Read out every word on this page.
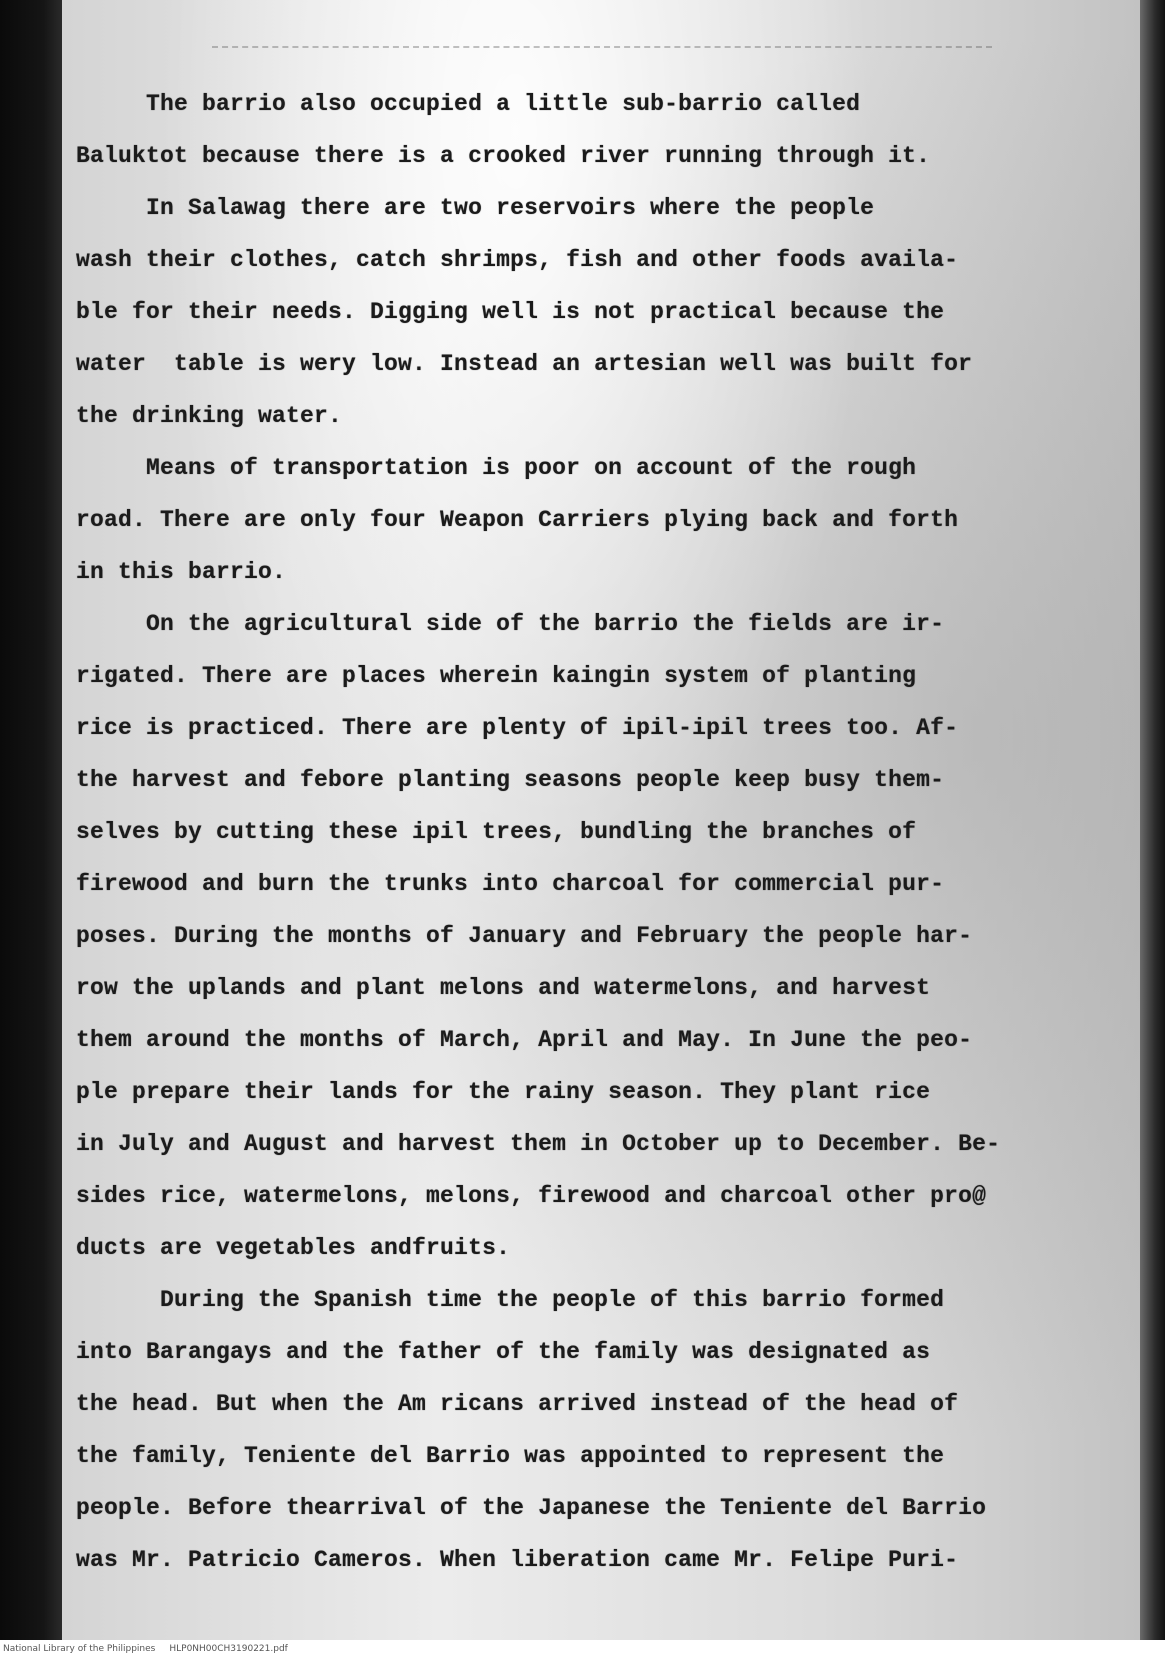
The barrio also occupied a little sub-barrio called
Baluktot because there is a crooked river running through it.
In Salawag there are two reservoirs where the people
wash their clothes, catch shrimps, fish and other foods availa-
ble for their needs. Digging well is not practical because the
water  table is wery low. Instead an artesian well was built for
the drinking water.
Means of transportation is poor on account of the rough
road. There are only four Weapon Carriers plying back and forth
in this barrio.
On the agricultural side of the barrio the fields are ir-
rigated. There are places wherein kaingin system of planting
rice is practiced. There are plenty of ipil-ipil trees too. Af-
the harvest and febore planting seasons people keep busy them-
selves by cutting these ipil trees, bundling the branches of
firewood and burn the trunks into charcoal for commercial pur-
poses. During the months of January and February the people har-
row the uplands and plant melons and watermelons, and harvest
them around the months of March, April and May. In June the peo-
ple prepare their lands for the rainy season. They plant rice
in July and August and harvest them in October up to December. Be-
sides rice, watermelons, melons, firewood and charcoal other pro@
ducts are vegetables andfruits.
During the Spanish time the people of this barrio formed
into Barangays and the father of the family was designated as
the head. But when the Am ricans arrived instead of the head of
the family, Teniente del Barrio was appointed to represent the
people. Before thearrival of the Japanese the Teniente del Barrio
was Mr. Patricio Cameros. When liberation came Mr. Felipe Puri-
National Library of the Philippines HLP0NH00CH3190221.pdf
